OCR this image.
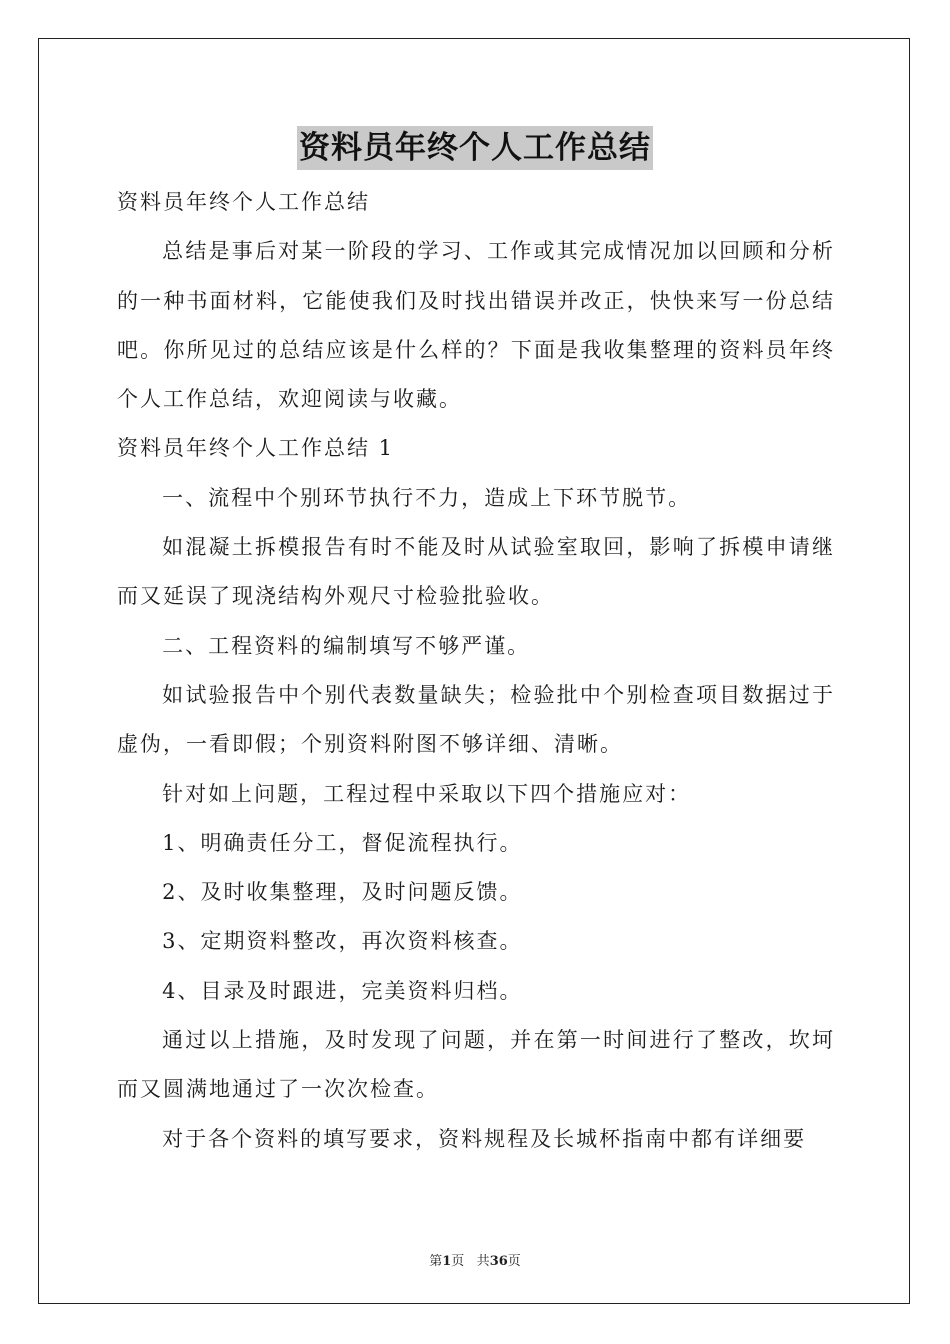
资料员年终个人工作总结

资料员年终个人工作总结

总结是事后对某一阶段的学习、工作或其完成情况加以回顾和分析的一种书面材料，它能使我们及时找出错误并改正，快快来写一份总结吧。你所见过的总结应该是什么样的？下面是我收集整理的资料员年终个人工作总结，欢迎阅读与收藏。

资料员年终个人工作总结 1

一、流程中个别环节执行不力，造成上下环节脱节。

如混凝土拆模报告有时不能及时从试验室取回，影响了拆模申请继而又延误了现浇结构外观尺寸检验批验收。

二、工程资料的编制填写不够严谨。

如试验报告中个别代表数量缺失；检验批中个别检查项目数据过于虚伪，一看即假；个别资料附图不够详细、清晰。

针对如上问题，工程过程中采取以下四个措施应对：

1、明确责任分工，督促流程执行。

2、及时收集整理，及时问题反馈。

3、定期资料整改，再次资料核查。

4、目录及时跟进，完美资料归档。

通过以上措施，及时发现了问题，并在第一时间进行了整改，坎坷而又圆满地通过了一次次检查。

对于各个资料的填写要求，资料规程及长城杯指南中都有详细要

第1页 共36页
